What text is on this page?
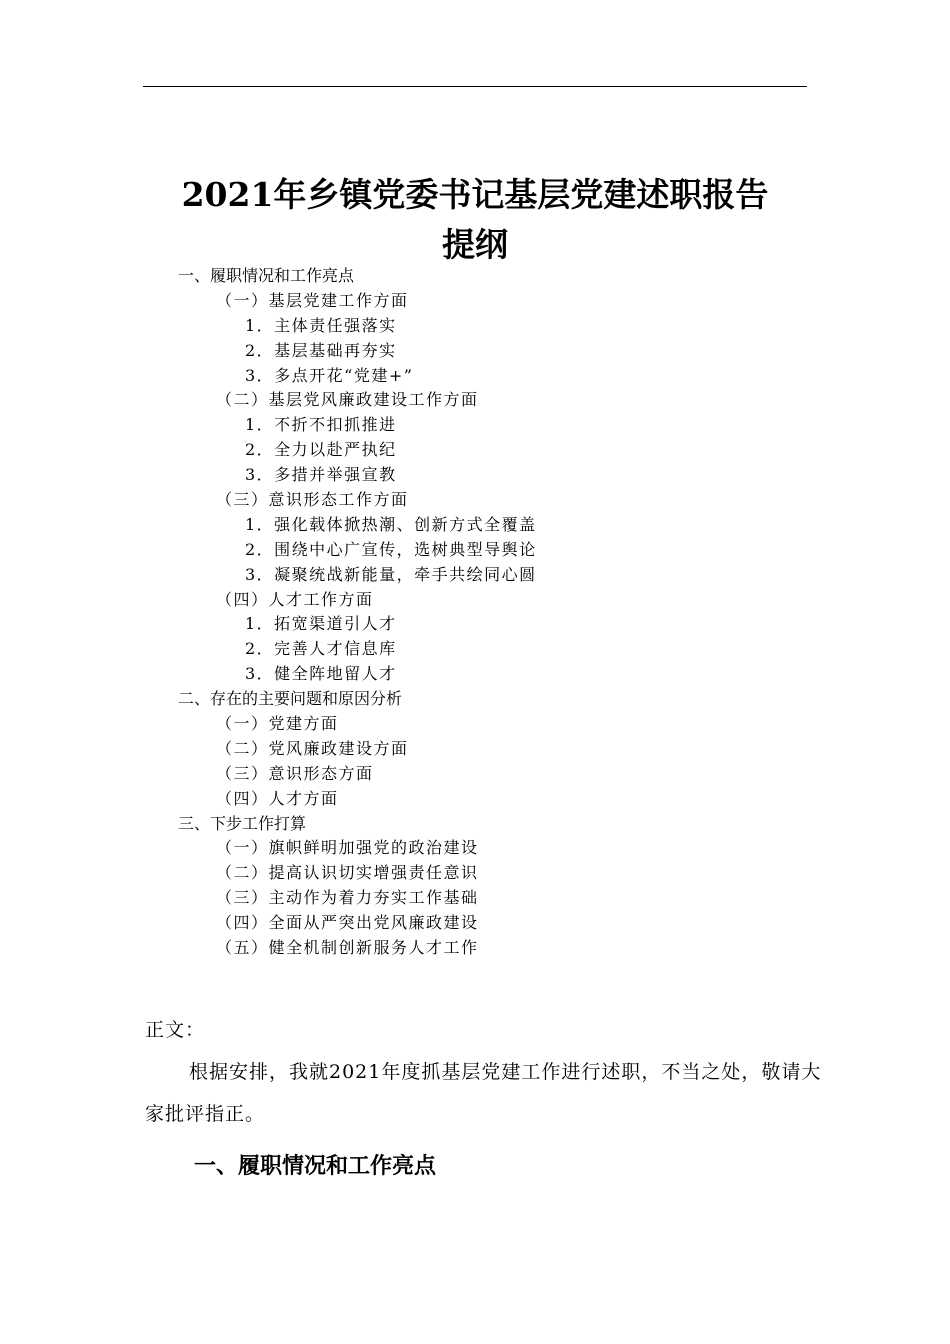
2021年乡镇党委书记基层党建述职报告
提纲
一、履职情况和工作亮点
（一）基层党建工作方面
1．主体责任强落实
2．基层基础再夯实
3．多点开花“党建+”
（二）基层党风廉政建设工作方面
1．不折不扣抓推进
2．全力以赴严执纪
3．多措并举强宣教
（三）意识形态工作方面
1．强化载体掀热潮、创新方式全覆盖
2．围绕中心广宣传，选树典型导舆论
3．凝聚统战新能量，牵手共绘同心圆
（四）人才工作方面
1．拓宽渠道引人才
2．完善人才信息库
3．健全阵地留人才
二、存在的主要问题和原因分析
（一）党建方面
（二）党风廉政建设方面
（三）意识形态方面
（四）人才方面
三、下步工作打算
（一）旗帜鲜明加强党的政治建设
（二）提高认识切实增强责任意识
（三）主动作为着力夯实工作基础
（四）全面从严突出党风廉政建设
（五）健全机制创新服务人才工作

正文：

根据安排，我就2021年度抓基层党建工作进行述职，不当之处，敬请大家批评指正。

一、履职情况和工作亮点
